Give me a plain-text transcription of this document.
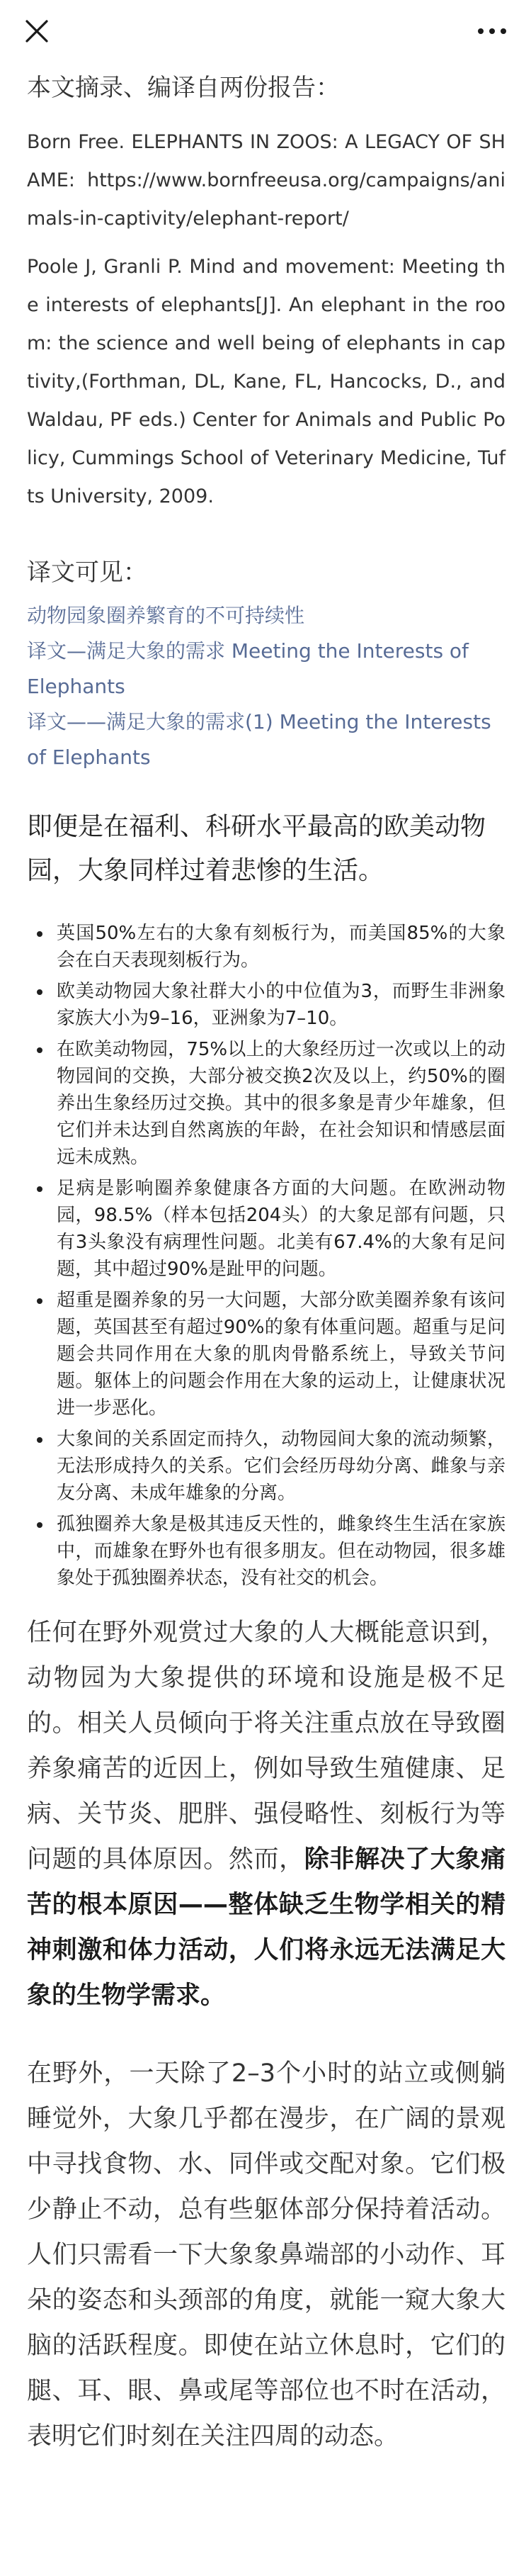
本文摘录、编译自两份报告：

Born Free. ELEPHANTS IN ZOOS: A LEGACY OF SHAME: https://www.bornfreeusa.org/campaigns/animals-in-captivity/elephant-report/

Poole J, Granli P. Mind and movement: Meeting the interests of elephants[J]. An elephant in the room: the science and well being of elephants in captivity,(Forthman, DL, Kane, FL, Hancocks, D., and Waldau, PF eds.) Center for Animals and Public Policy, Cummings School of Veterinary Medicine, Tufts University, 2009.

译文可见：

动物园象圈养繁育的不可持续性
译文—满足大象的需求 Meeting the Interests of Elephants
译文——满足大象的需求(1) Meeting the Interests of Elephants

即便是在福利、科研水平最高的欧美动物园，大象同样过着悲惨的生活。

• 英国50%左右的大象有刻板行为，而美国85%的大象会在白天表现刻板行为。
• 欧美动物园大象社群大小的中位值为3，而野生非洲象家族大小为9–16，亚洲象为7–10。
• 在欧美动物园，75%以上的大象经历过一次或以上的动物园间的交换，大部分被交换2次及以上，约50%的圈养出生象经历过交换。其中的很多象是青少年雄象，但它们并未达到自然离族的年龄，在社会知识和情感层面远未成熟。
• 足病是影响圈养象健康各方面的大问题。在欧洲动物园，98.5%（样本包括204头）的大象足部有问题，只有3头象没有病理性问题。北美有67.4%的大象有足问题，其中超过90%是趾甲的问题。
• 超重是圈养象的另一大问题，大部分欧美圈养象有该问题，英国甚至有超过90%的象有体重问题。超重与足问题会共同作用在大象的肌肉骨骼系统上，导致关节问题。躯体上的问题会作用在大象的运动上，让健康状况进一步恶化。
• 大象间的关系固定而持久，动物园间大象的流动频繁，无法形成持久的关系。它们会经历母幼分离、雌象与亲友分离、未成年雄象的分离。
• 孤独圈养大象是极其违反天性的，雌象终生生活在家族中，而雄象在野外也有很多朋友。但在动物园，很多雄象处于孤独圈养状态，没有社交的机会。

任何在野外观赏过大象的人大概能意识到，动物园为大象提供的环境和设施是极不足的。相关人员倾向于将关注重点放在导致圈养象痛苦的近因上，例如导致生殖健康、足病、关节炎、肥胖、强侵略性、刻板行为等问题的具体原因。然而，除非解决了大象痛苦的根本原因——整体缺乏生物学相关的精神刺激和体力活动，人们将永远无法满足大象的生物学需求。

在野外，一天除了2–3个小时的站立或侧躺睡觉外，大象几乎都在漫步，在广阔的景观中寻找食物、水、同伴或交配对象。它们极少静止不动，总有些躯体部分保持着活动。人们只需看一下大象象鼻端部的小动作、耳朵的姿态和头颈部的角度，就能一窥大象大脑的活跃程度。即使在站立休息时，它们的腿、耳、眼、鼻或尾等部位也不时在活动，表明它们时刻在关注四周的动态。
